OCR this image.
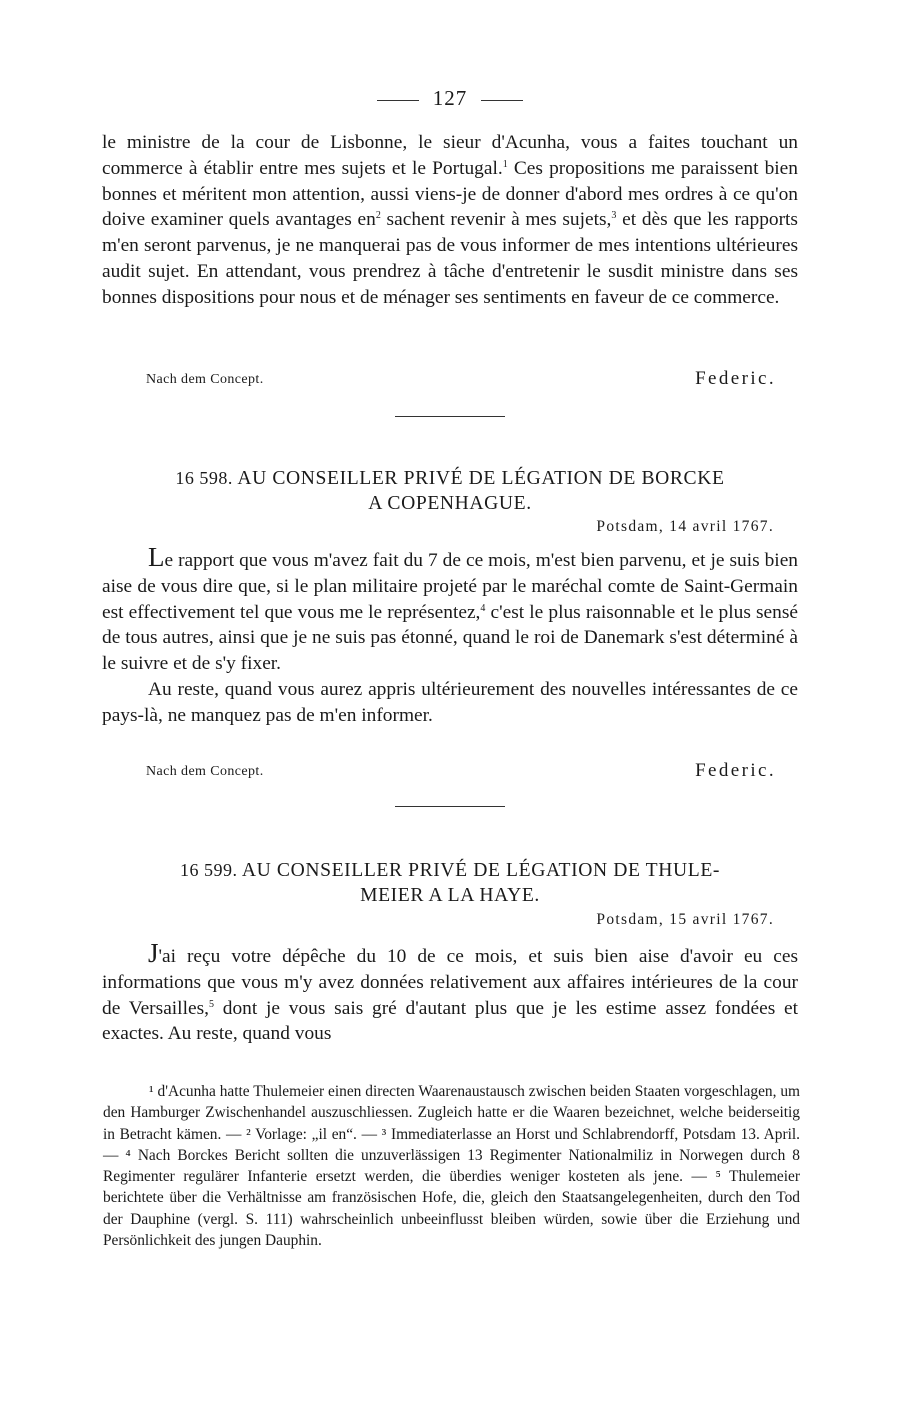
127

le ministre de la cour de Lisbonne, le sieur d'Acunha, vous a faites touchant un commerce à établir entre mes sujets et le Portugal.$^1$ Ces propositions me paraissent bien bonnes et méritent mon attention, aussi viens-je de donner d'abord mes ordres à ce qu'on doive examiner quels avantages $en^2$ sachent revenir à mes sujets,$^3$ et dès que les rapports m'en seront parvenus, je ne manquerai pas de vous informer de mes intentions ultérieures audit sujet. En attendant, vous prendrez à tâche d'entretenir le susdit ministre dans ses bonnes dispositions pour nous et de ménager ses sentiments en faveur de ce commerce.

Nach dem Concept.	Federic.
16 598. AU CONSEILLER PRIVÉ DE LÉGATION DE BORCKE
A COPENHAGUE.
Potsdam, 14 avril 1767.

Le rapport que vous m'avez fait du 7 de ce mois, m'est bien parvenu, et je suis bien aise de vous dire que, si le plan militaire projeté par le maréchal comte de Saint-Germain est effectivement tel que vous me le représentez,$^4$ c'est le plus raisonnable et le plus sensé de tous autres, ainsi que je ne suis pas étonné, quand le roi de Danemark s'est déterminé à le suivre et de s'y fixer.

Au reste, quand vous aurez appris ultérieurement des nouvelles intéressantes de ce pays-là, ne manquez pas de m'en informer.

Nach dem Concept.	Federic.
16 599. AU CONSEILLER PRIVÉ DE LÉGATION DE THULE-
MEIER A LA HAYE.
Potsdam, 15 avril 1767.

J'ai reçu votre dépêche du 10 de ce mois, et suis bien aise d'avoir eu ces informations que vous m'y avez données relativement aux affaires intérieures de la cour de Versailles,$^5$ dont je vous sais gré d'autant plus que je les estime assez fondées et exactes. Au reste, quand vous

¹ d'Acunha hatte Thulemeier einen directen Waarenaustausch zwischen beiden Staaten vorgeschlagen, um den Hamburger Zwischenhandel auszuschliessen. Zugleich hatte er die Waaren bezeichnet, welche beiderseitig in Betracht kämen. — ² Vorlage: „il en“. — ³ Immediaterlasse an Horst und Schlabrendorff, Potsdam 13. April. — ⁴ Nach Borckes Bericht sollten die unzuverlässigen 13 Regimenter Nationalmiliz in Norwegen durch 8 Regimenter regulärer Infanterie ersetzt werden, die überdies weniger kosteten als jene. — ⁵ Thulemeier berichtete über die Verhältnisse am französischen Hofe, die, gleich den Staatsangelegenheiten, durch den Tod der Dauphine (vergl. S. 111) wahrscheinlich unbeeinflusst bleiben würden, sowie über die Erziehung und Persönlichkeit des jungen Dauphin.
